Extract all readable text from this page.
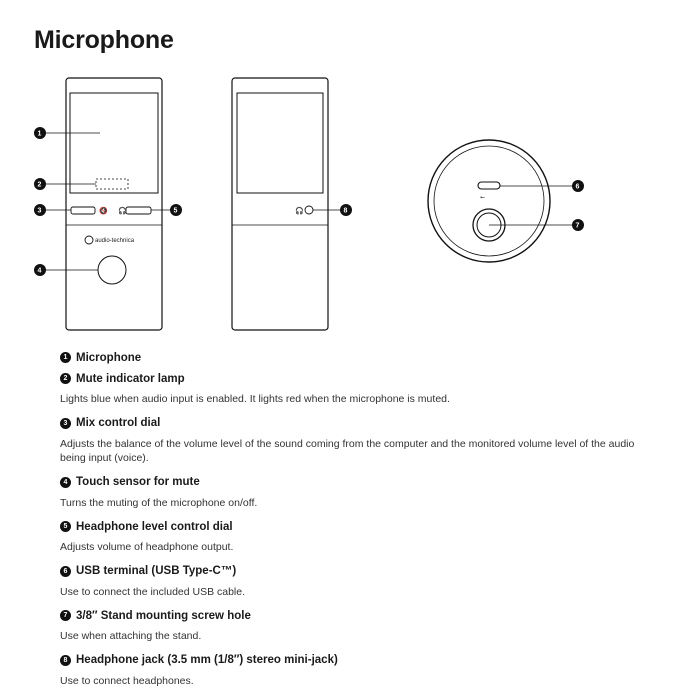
Microphone
🔇 🎧
audio-technica
🎧
⭠
1
2
3
4
5
6
7
8
1 Microphone
2 Mute indicator lamp
Lights blue when audio input is enabled. It lights red when the microphone is muted.
3 Mix control dial
Adjusts the balance of the volume level of the sound coming from the computer and the monitored volume level of the audio being input (voice).
4 Touch sensor for mute
Turns the muting of the microphone on/off.
5 Headphone level control dial
Adjusts volume of headphone output.
6 USB terminal (USB Type-C™)
Use to connect the included USB cable.
7 3/8″ Stand mounting screw hole
Use when attaching the stand.
8 Headphone jack (3.5 mm (1/8″) stereo mini-jack)
Use to connect headphones.
